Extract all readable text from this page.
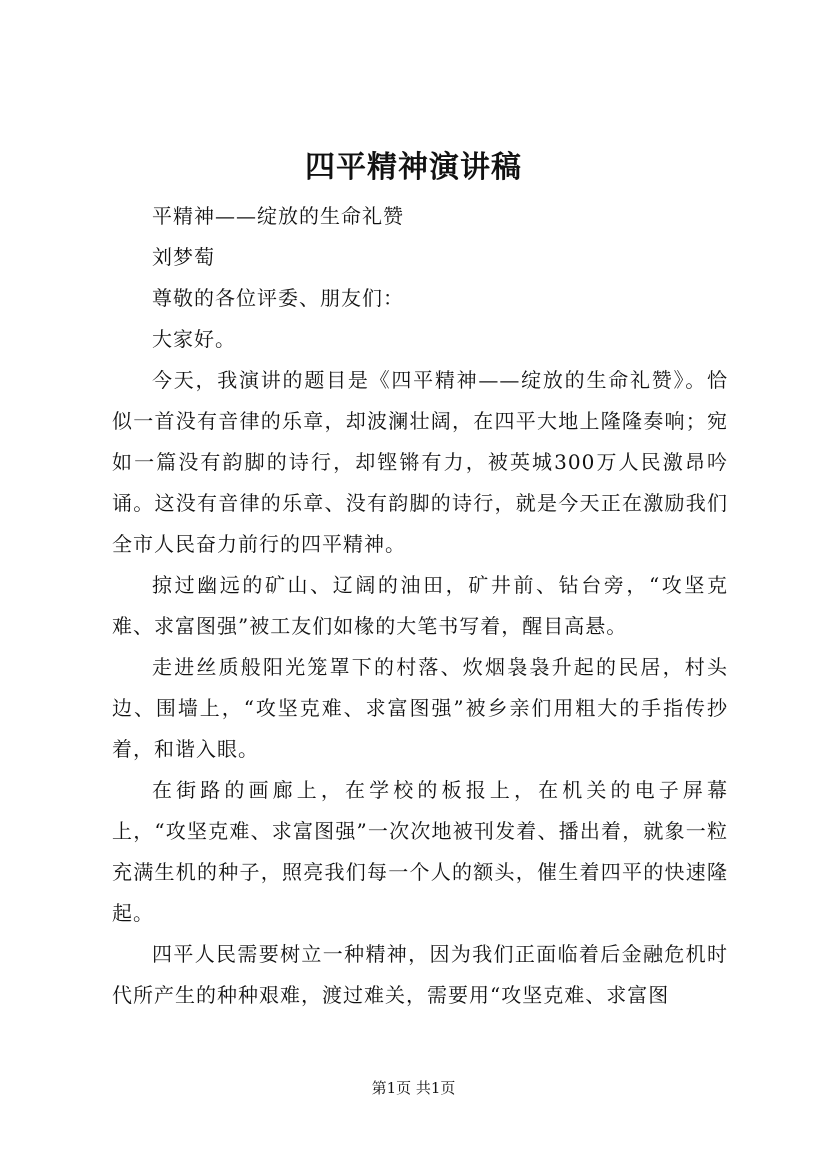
四平精神演讲稿

平精神——绽放的生命礼赞

刘梦萄

尊敬的各位评委、朋友们：

大家好。

今天，我演讲的题目是《四平精神——绽放的生命礼赞》。恰似一首没有音律的乐章，却波澜壮阔，在四平大地上隆隆奏响；宛如一篇没有韵脚的诗行，却铿锵有力，被英城300万人民激昂吟诵。这没有音律的乐章、没有韵脚的诗行，就是今天正在激励我们全市人民奋力前行的四平精神。

掠过幽远的矿山、辽阔的油田，矿井前、钻台旁，“攻坚克难、求富图强”被工友们如椽的大笔书写着，醒目高悬。

走进丝质般阳光笼罩下的村落、炊烟袅袅升起的民居，村头边、围墙上，“攻坚克难、求富图强”被乡亲们用粗大的手指传抄着，和谐入眼。

在街路的画廊上，在学校的板报上，在机关的电子屏幕上，“攻坚克难、求富图强”一次次地被刊发着、播出着，就象一粒充满生机的种子，照亮我们每一个人的额头，催生着四平的快速隆起。

四平人民需要树立一种精神，因为我们正面临着后金融危机时代所产生的种种艰难，渡过难关，需要用“攻坚克难、求富图

第1页 共1页
